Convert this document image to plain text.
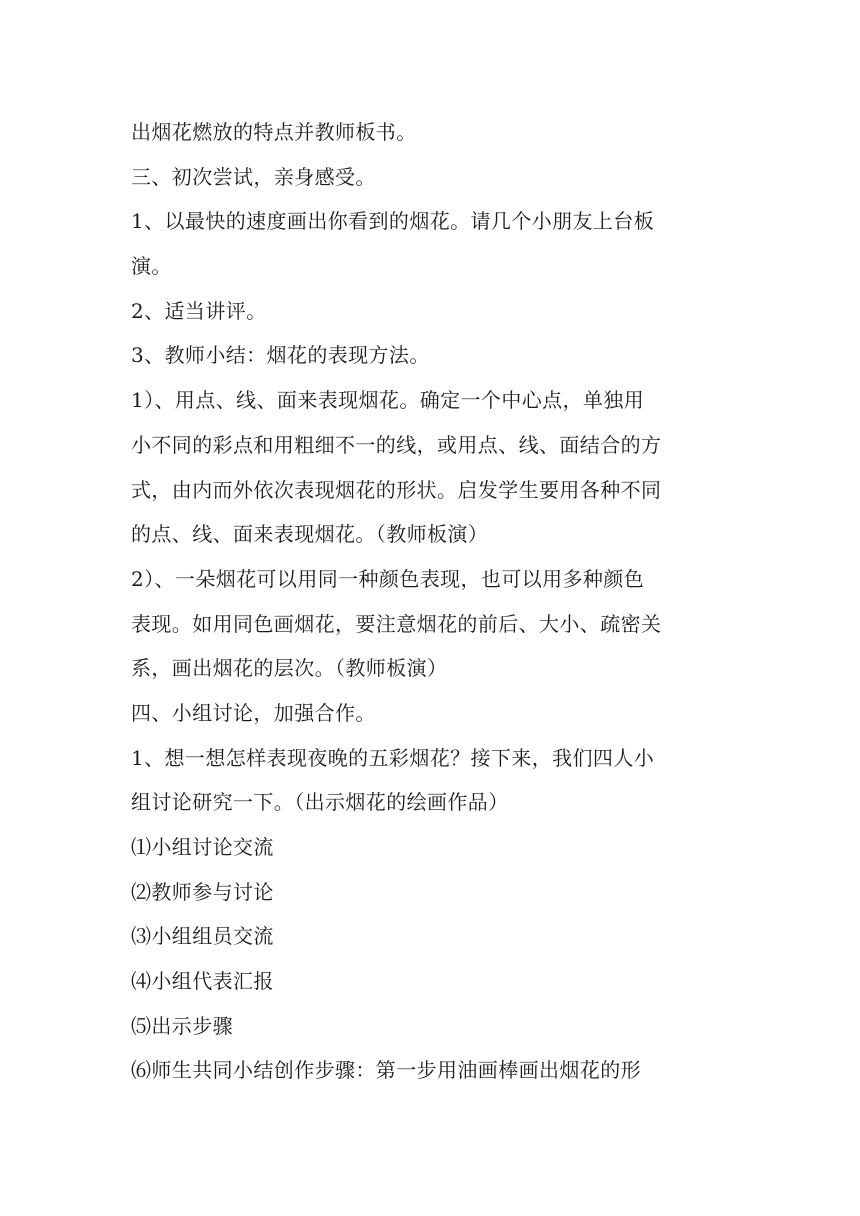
出烟花燃放的特点并教师板书。
三、初次尝试，亲身感受。
1、以最快的速度画出你看到的烟花。请几个小朋友上台板
演。
2、适当讲评。
3、教师小结：烟花的表现方法。
1）、用点、线、面来表现烟花。确定一个中心点，单独用
小不同的彩点和用粗细不一的线，或用点、线、面结合的方
式，由内而外依次表现烟花的形状。启发学生要用各种不同
的点、线、面来表现烟花。（教师板演）
2）、一朵烟花可以用同一种颜色表现，也可以用多种颜色
表现。如用同色画烟花，要注意烟花的前后、大小、疏密关
系，画出烟花的层次。（教师板演）
四、小组讨论，加强合作。
1、想一想怎样表现夜晚的五彩烟花？接下来，我们四人小
组讨论研究一下。（出示烟花的绘画作品）
⑴小组讨论交流
⑵教师参与讨论
⑶小组组员交流
⑷小组代表汇报
⑸出示步骤
⑹师生共同小结创作步骤：第一步用油画棒画出烟花的形
